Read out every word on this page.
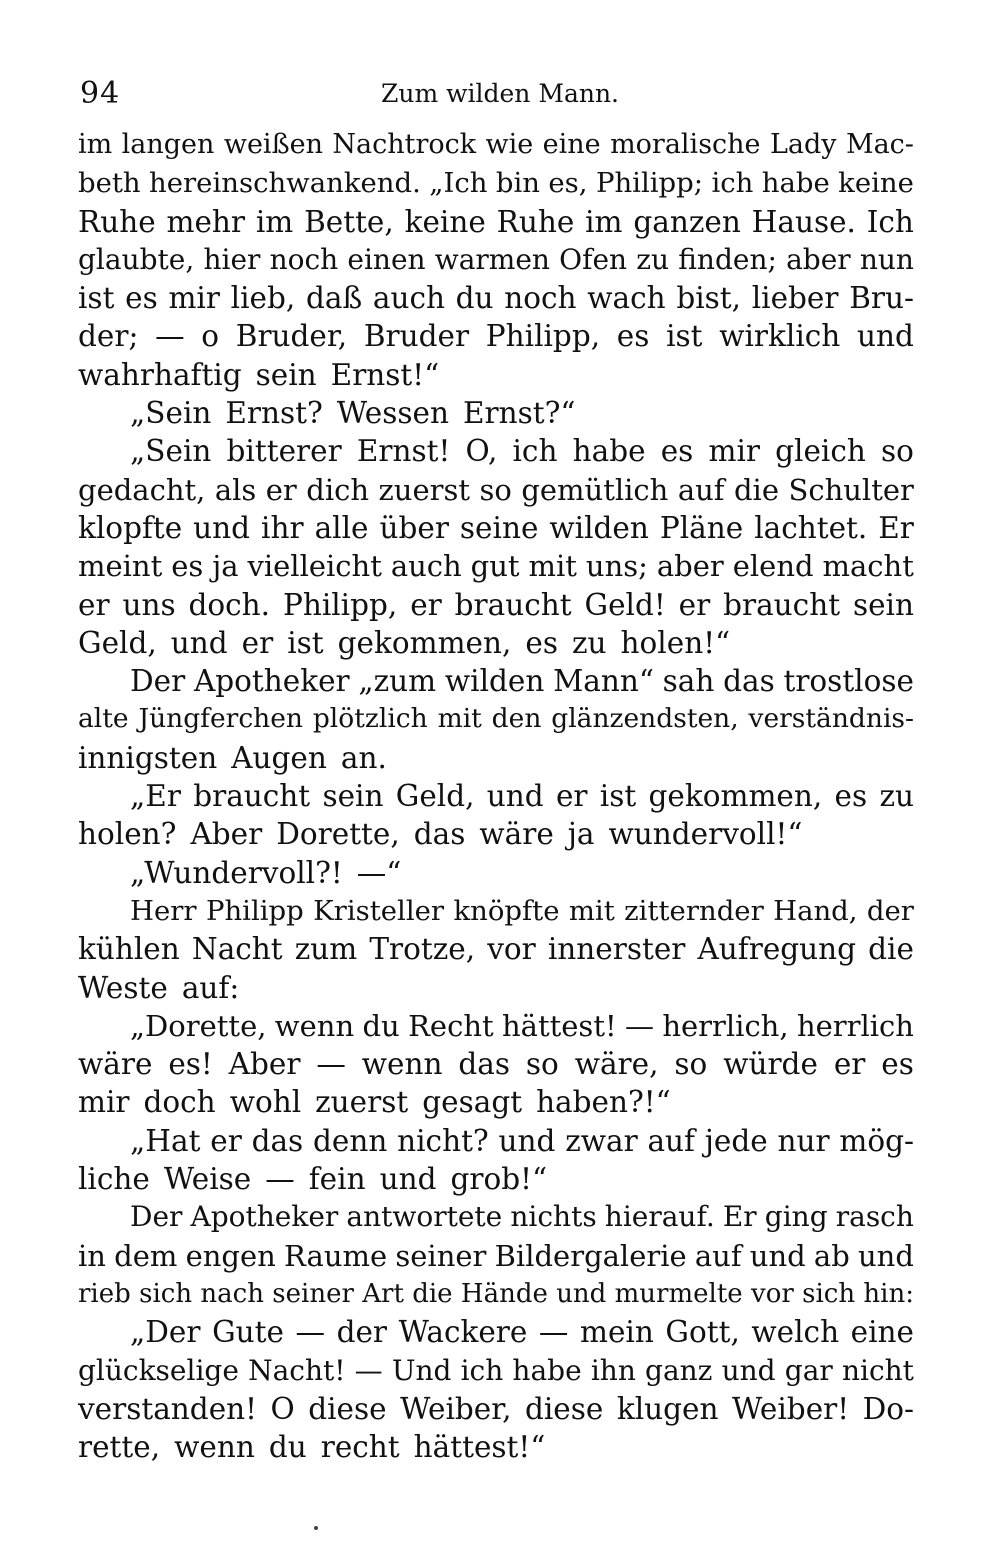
94	Zum wilden Mann.
im langen weißen Nachtrock wie eine moralische Lady Mac-
beth hereinschwankend. „Ich bin es, Philipp; ich habe keine
Ruhe mehr im Bette, keine Ruhe im ganzen Hause. Ich
glaubte, hier noch einen warmen Ofen zu finden; aber nun
ist es mir lieb, daß auch du noch wach bist, lieber Bru-
der; — o Bruder, Bruder Philipp, es ist wirklich und
wahrhaftig sein Ernst!“
„Sein Ernst? Wessen Ernst?“
„Sein bitterer Ernst! O, ich habe es mir gleich so
gedacht, als er dich zuerst so gemütlich auf die Schulter
klopfte und ihr alle über seine wilden Pläne lachtet. Er
meint es ja vielleicht auch gut mit uns; aber elend macht
er uns doch. Philipp, er braucht Geld! er braucht sein
Geld, und er ist gekommen, es zu holen!“
Der Apotheker „zum wilden Mann“ sah das trostlose
alte Jüngferchen plötzlich mit den glänzendsten, verständnis-
innigsten Augen an.
„Er braucht sein Geld, und er ist gekommen, es zu
holen? Aber Dorette, das wäre ja wundervoll!“
„Wundervoll?! —“
Herr Philipp Kristeller knöpfte mit zitternder Hand, der
kühlen Nacht zum Trotze, vor innerster Aufregung die
Weste auf:
„Dorette, wenn du Recht hättest! — herrlich, herrlich
wäre es! Aber — wenn das so wäre, so würde er es
mir doch wohl zuerst gesagt haben?!“
„Hat er das denn nicht? und zwar auf jede nur mög-
liche Weise — fein und grob!“
Der Apotheker antwortete nichts hierauf. Er ging rasch
in dem engen Raume seiner Bildergalerie auf und ab und
rieb sich nach seiner Art die Hände und murmelte vor sich hin:
„Der Gute — der Wackere — mein Gott, welch eine
glückselige Nacht! — Und ich habe ihn ganz und gar nicht
verstanden! O diese Weiber, diese klugen Weiber! Do-
rette, wenn du recht hättest!“
